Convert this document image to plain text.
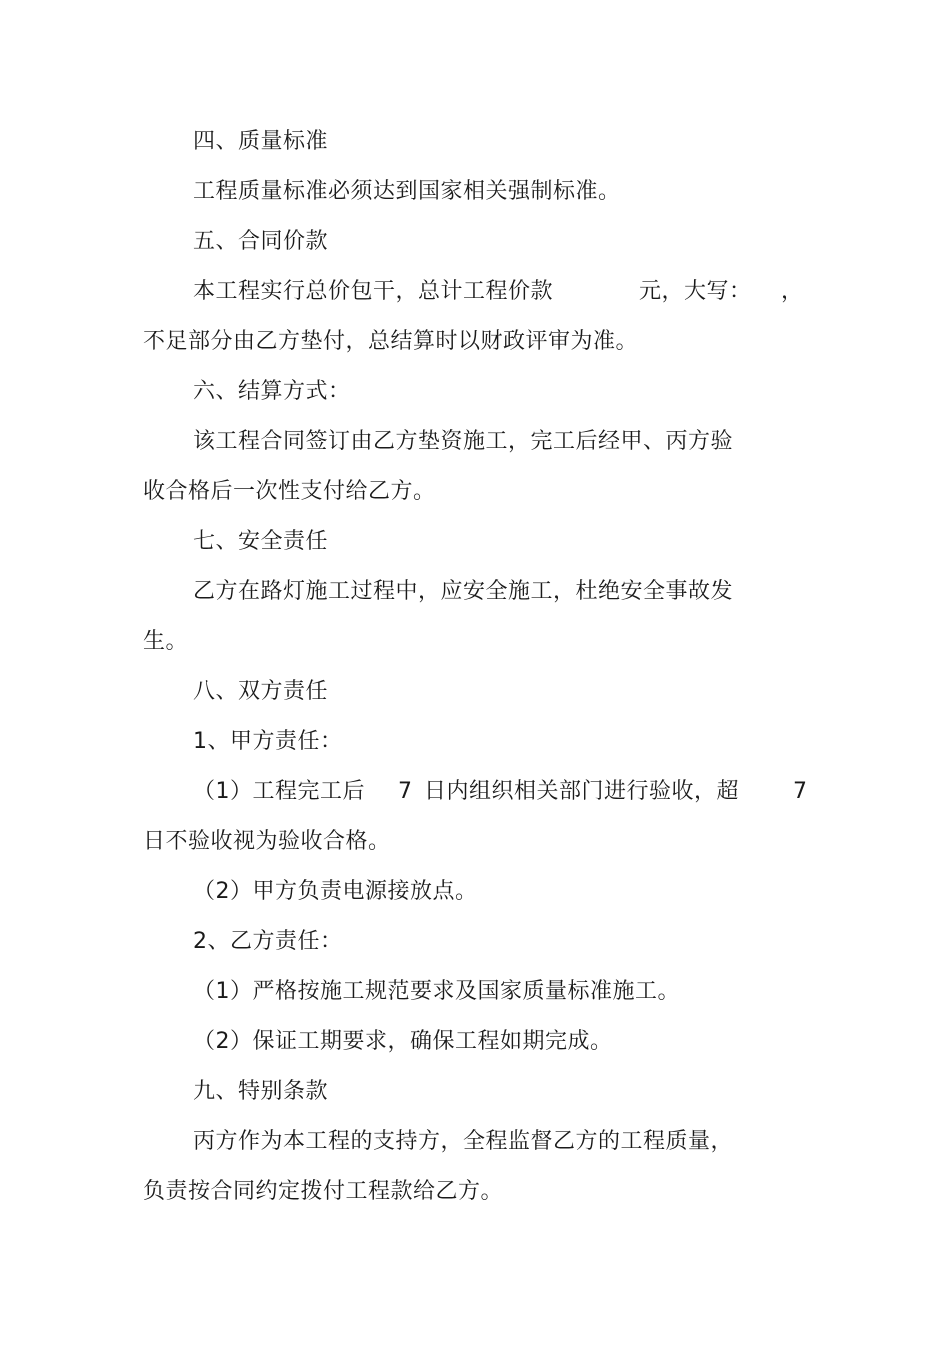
四、质量标准
工程质量标准必须达到国家相关强制标准。
五、合同价款
本工程实行总价包干，总计工程价款	元，大写： ，
不足部分由乙方垫付，总结算时以财政评审为准。
六、结算方式：
该工程合同签订由乙方垫资施工，完工后经甲、丙方验
收合格后一次性支付给乙方。
七、安全责任
乙方在路灯施工过程中，应安全施工，杜绝安全事故发
生。
八、双方责任
1、甲方责任：
（1）工程完工后 7 日内组织相关部门进行验收，超 7
日不验收视为验收合格。
（2）甲方负责电源接放点。
2、乙方责任：
（1）严格按施工规范要求及国家质量标准施工。
（2）保证工期要求，确保工程如期完成。
九、特别条款
丙方作为本工程的支持方，全程监督乙方的工程质量，
负责按合同约定拨付工程款给乙方。
